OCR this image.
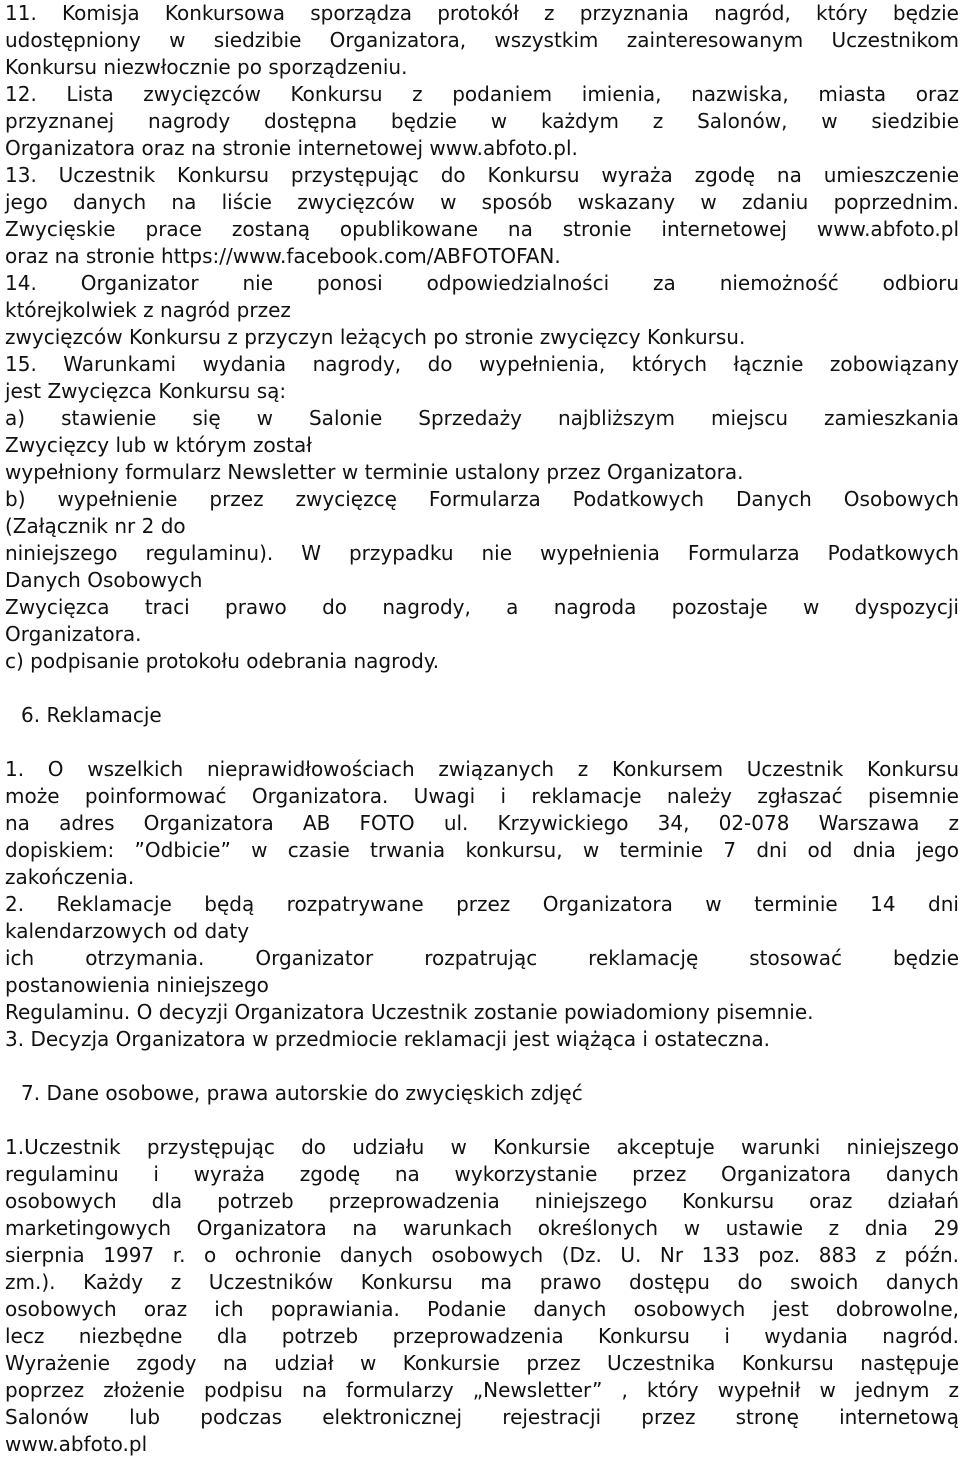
11. Komisja Konkursowa sporządza protokół z przyznania nagród, który będzie

udostępniony w siedzibie Organizatora, wszystkim zainteresowanym Uczestnikom

Konkursu niezwłocznie po sporządzeniu.

12. Lista zwycięzców Konkursu z podaniem imienia, nazwiska, miasta oraz

przyznanej nagrody dostępna będzie w każdym z Salonów, w siedzibie

Organizatora oraz na stronie internetowej www.abfoto.pl.

13. Uczestnik Konkursu przystępując do Konkursu wyraża zgodę na umieszczenie

jego danych na liście zwycięzców w sposób wskazany w zdaniu poprzednim.

Zwycięskie prace zostaną opublikowane na stronie internetowej www.abfoto.pl

oraz na stronie https://www.facebook.com/ABFOTOFAN.

14. Organizator nie ponosi odpowiedzialności za niemożność odbioru

którejkolwiek z nagród przez

zwycięzców Konkursu z przyczyn leżących po stronie zwycięzcy Konkursu.

15. Warunkami wydania nagrody, do wypełnienia, których łącznie zobowiązany

jest Zwycięzca Konkursu są:

a) stawienie się w Salonie Sprzedaży najbliższym miejscu zamieszkania

Zwycięzcy lub w którym został

wypełniony formularz Newsletter w terminie ustalony przez Organizatora.

b) wypełnienie przez zwycięzcę Formularza Podatkowych Danych Osobowych

(Załącznik nr 2 do

niniejszego regulaminu). W przypadku nie wypełnienia Formularza Podatkowych

Danych Osobowych

Zwycięzca traci prawo do nagrody, a nagroda pozostaje w dyspozycji

Organizatora.

c) podpisanie protokołu odebrania nagrody.

6. Reklamacje

1. O wszelkich nieprawidłowościach związanych z Konkursem Uczestnik Konkursu

może poinformować Organizatora. Uwagi i reklamacje należy zgłaszać pisemnie

na adres Organizatora AB FOTO ul. Krzywickiego 34, 02-078 Warszawa z

dopiskiem: ”Odbicie” w czasie trwania konkursu, w terminie 7 dni od dnia jego

zakończenia.

2. Reklamacje będą rozpatrywane przez Organizatora w terminie 14 dni

kalendarzowych od daty

ich otrzymania. Organizator rozpatrując reklamację stosować będzie

postanowienia niniejszego

Regulaminu. O decyzji Organizatora Uczestnik zostanie powiadomiony pisemnie.

3. Decyzja Organizatora w przedmiocie reklamacji jest wiążąca i ostateczna.

7. Dane osobowe, prawa autorskie do zwycięskich zdjęć

1.Uczestnik przystępując do udziału w Konkursie akceptuje warunki niniejszego

regulaminu i wyraża zgodę na wykorzystanie przez Organizatora danych

osobowych dla potrzeb przeprowadzenia niniejszego Konkursu oraz działań

marketingowych Organizatora na warunkach określonych w ustawie z dnia 29

sierpnia 1997 r. o ochronie danych osobowych (Dz. U. Nr 133 poz. 883 z późn.

zm.). Każdy z Uczestników Konkursu ma prawo dostępu do swoich danych

osobowych oraz ich poprawiania. Podanie danych osobowych jest dobrowolne,

lecz niezbędne dla potrzeb przeprowadzenia Konkursu i wydania nagród.

Wyrażenie zgody na udział w Konkursie przez Uczestnika Konkursu następuje

poprzez złożenie podpisu na formularzy „Newsletter” , który wypełnił w jednym z

Salonów lub podczas elektronicznej rejestracji przez stronę internetową

www.abfoto.pl
